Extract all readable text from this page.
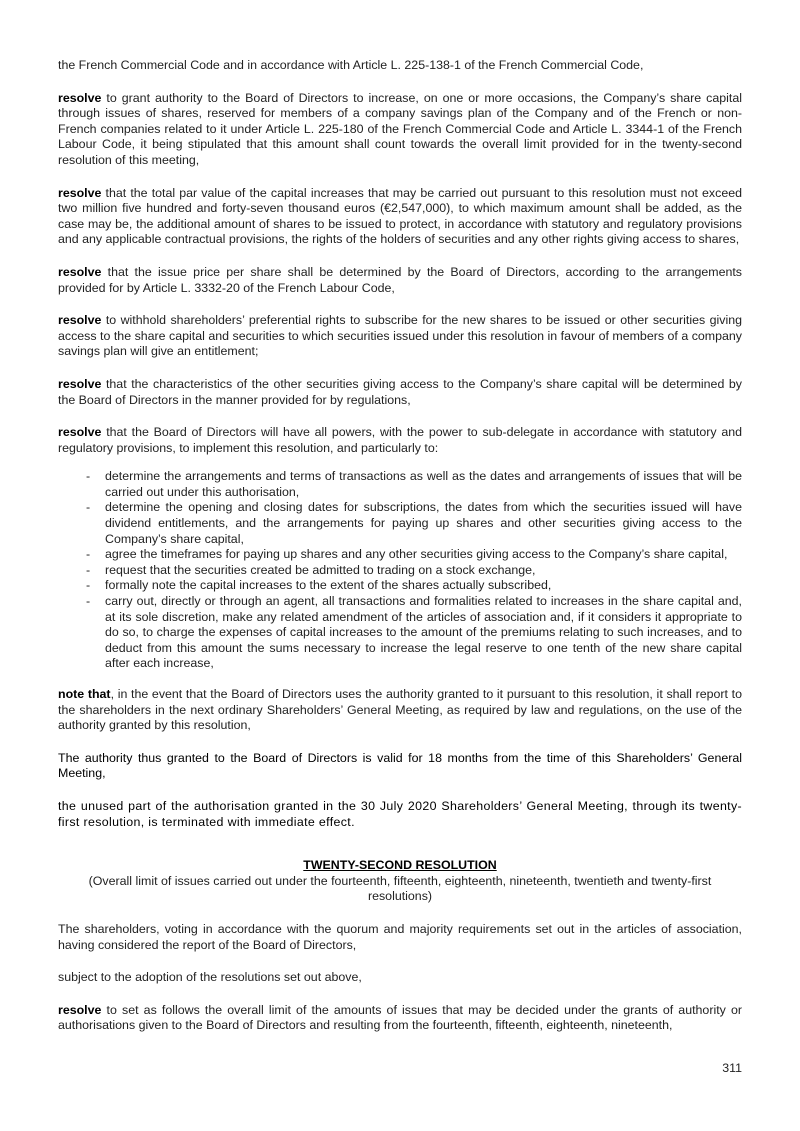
the French Commercial Code and in accordance with Article L. 225-138-1 of the French Commercial Code,

resolve to grant authority to the Board of Directors to increase, on one or more occasions, the Company’s share capital through issues of shares, reserved for members of a company savings plan of the Company and of the French or non-French companies related to it under Article L. 225-180 of the French Commercial Code and Article L. 3344-1 of the French Labour Code, it being stipulated that this amount shall count towards the overall limit provided for in the twenty-second resolution of this meeting,

resolve that the total par value of the capital increases that may be carried out pursuant to this resolution must not exceed two million five hundred and forty-seven thousand euros (€2,547,000), to which maximum amount shall be added, as the case may be, the additional amount of shares to be issued to protect, in accordance with statutory and regulatory provisions and any applicable contractual provisions, the rights of the holders of securities and any other rights giving access to shares,

resolve that the issue price per share shall be determined by the Board of Directors, according to the arrangements provided for by Article L. 3332-20 of the French Labour Code,

resolve to withhold shareholders’ preferential rights to subscribe for the new shares to be issued or other securities giving access to the share capital and securities to which securities issued under this resolution in favour of members of a company savings plan will give an entitlement;

resolve that the characteristics of the other securities giving access to the Company’s share capital will be determined by the Board of Directors in the manner provided for by regulations,

resolve that the Board of Directors will have all powers, with the power to sub-delegate in accordance with statutory and regulatory provisions, to implement this resolution, and particularly to:

- determine the arrangements and terms of transactions as well as the dates and arrangements of issues that will be carried out under this authorisation,
- determine the opening and closing dates for subscriptions, the dates from which the securities issued will have dividend entitlements, and the arrangements for paying up shares and other securities giving access to the Company’s share capital,
- agree the timeframes for paying up shares and any other securities giving access to the Company’s share capital,
- request that the securities created be admitted to trading on a stock exchange,
- formally note the capital increases to the extent of the shares actually subscribed,
- carry out, directly or through an agent, all transactions and formalities related to increases in the share capital and, at its sole discretion, make any related amendment of the articles of association and, if it considers it appropriate to do so, to charge the expenses of capital increases to the amount of the premiums relating to such increases, and to deduct from this amount the sums necessary to increase the legal reserve to one tenth of the new share capital after each increase,

note that, in the event that the Board of Directors uses the authority granted to it pursuant to this resolution, it shall report to the shareholders in the next ordinary Shareholders’ General Meeting, as required by law and regulations, on the use of the authority granted by this resolution,

The authority thus granted to the Board of Directors is valid for 18 months from the time of this Shareholders’ General Meeting,

the unused part of the authorisation granted in the 30 July 2020 Shareholders’ General Meeting, through its twenty-first resolution, is terminated with immediate effect.

TWENTY-SECOND RESOLUTION

(Overall limit of issues carried out under the fourteenth, fifteenth, eighteenth, nineteenth, twentieth and twenty-first resolutions)

The shareholders, voting in accordance with the quorum and majority requirements set out in the articles of association, having considered the report of the Board of Directors,

subject to the adoption of the resolutions set out above,

resolve to set as follows the overall limit of the amounts of issues that may be decided under the grants of authority or authorisations given to the Board of Directors and resulting from the fourteenth, fifteenth, eighteenth, nineteenth,

311
